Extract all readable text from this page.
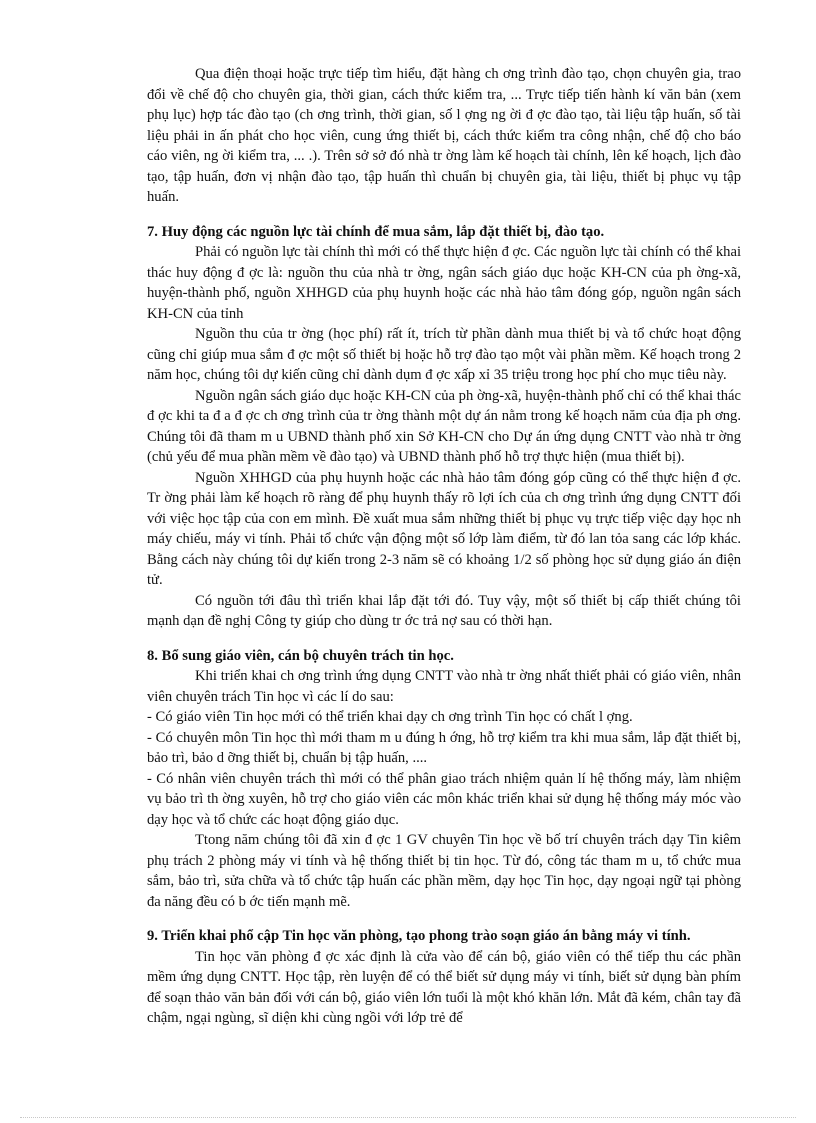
Qua điện thoại hoặc trực tiếp tìm hiểu, đặt hàng ch ơng trình đào tạo, chọn chuyên gia, trao đổi về chế độ cho chuyên gia, thời gian, cách thức kiểm tra, ... Trực tiếp tiến hành kí văn bản (xem phụ lục) hợp tác đào tạo (ch ơng trình, thời gian, số l ợng ng ời đ ợc đào tạo, tài liệu tập huấn, số tài liệu phải in ấn phát cho học viên, cung ứng thiết bị, cách thức kiểm tra công nhận, chế độ cho báo cáo viên, ng ời kiểm tra, ... .). Trên sở sở đó nhà tr ờng làm kế hoạch tài chính, lên kế hoạch, lịch đào tạo, tập huấn, đơn vị nhận đào tạo, tập huấn thì chuẩn bị chuyên gia, tài liệu, thiết bị phục vụ tập huấn.

7. Huy động các nguồn lực tài chính để mua sắm, lắp đặt thiết bị, đào tạo.

Phải có nguồn lực tài chính thì mới có thể thực hiện đ ợc. Các nguồn lực tài chính có thể khai thác huy động đ ợc là: nguồn thu của nhà tr ờng, ngân sách giáo dục hoặc KH-CN của ph ờng-xã, huyện-thành phố, nguồn XHHGD của phụ huynh hoặc các nhà hảo tâm đóng góp, nguồn ngân sách KH-CN của tỉnh

Nguồn thu của tr ờng (học phí) rất ít, trích từ phần dành mua thiết bị và tổ chức hoạt động cũng chỉ giúp mua sắm đ ợc một số thiết bị hoặc hỗ trợ đào tạo một vài phần mềm. Kế hoạch trong 2 năm học, chúng tôi dự kiến cũng chỉ dành dụm đ ợc xấp xỉ 35 triệu trong học phí cho mục tiêu này.

Nguồn ngân sách giáo dục hoặc KH-CN của ph ờng-xã, huyện-thành phố chỉ có thể khai thác đ ợc khi ta đ a đ ợc ch ơng trình của tr ờng thành một dự án nằm trong kế hoạch năm của địa ph ơng. Chúng tôi đã tham m u UBND thành phố xin Sở KH-CN cho Dự án ứng dụng CNTT vào nhà tr ờng (chủ yếu để mua phần mềm về đào tạo) và UBND thành phố hỗ trợ thực hiện (mua thiết bị).

Nguồn XHHGD của phụ huynh hoặc các nhà hảo tâm đóng góp cũng có thể thực hiện đ ợc. Tr ờng phải làm kế hoạch rõ ràng để phụ huynh thấy rõ lợi ích của ch ơng trình ứng dụng CNTT đối với việc học tập của con em mình. Đề xuất mua sắm những thiết bị phục vụ trực tiếp việc dạy học nh máy chiếu, máy vi tính. Phải tổ chức vận động một số lớp làm điểm, từ đó lan tỏa sang các lớp khác. Bằng cách này chúng tôi dự kiến trong 2-3 năm sẽ có khoảng 1/2 số phòng học sử dụng giáo án điện tử.

Có nguồn tới đâu thì triển khai lắp đặt tới đó. Tuy vậy, một số thiết bị cấp thiết chúng tôi mạnh dạn đề nghị Công ty giúp cho dùng tr ớc trả nợ sau có thời hạn.

8. Bổ sung giáo viên, cán bộ chuyên trách tin học.

Khi triển khai ch ơng trình ứng dụng CNTT vào nhà tr ờng nhất thiết phải có giáo viên, nhân viên chuyên trách Tin học vì các lí do sau:

- Có giáo viên Tin học mới có thể triển khai dạy ch ơng trình Tin học có chất l ợng.

- Có chuyên môn Tin học thì mới tham m u đúng h ớng, hỗ trợ kiểm tra khi mua sắm, lắp đặt thiết bị, bảo trì, bảo d ỡng thiết bị, chuẩn bị tập huấn, ....

- Có nhân viên chuyên trách thì mới có thể phân giao trách nhiệm quản lí hệ thống máy, làm nhiệm vụ bảo trì th ờng xuyên, hỗ trợ cho giáo viên các môn khác triển khai sử dụng hệ thống máy móc vào dạy học và tổ chức các hoạt động giáo dục.

Ttong năm chúng tôi đã xin đ ợc 1 GV chuyên Tin học về bố trí chuyên trách dạy Tin kiêm phụ trách 2 phòng máy vi tính và hệ thống thiết bị tin học. Từ đó, công tác tham m u, tổ chức mua sắm, bảo trì, sửa chữa và tổ chức tập huấn các phần mềm, dạy học Tin học, dạy ngoại ngữ tại phòng đa năng đều có b ớc tiến mạnh mẽ.

9. Triển khai phổ cập Tin học văn phòng, tạo phong trào soạn giáo án bằng máy vi tính.

Tin học văn phòng đ ợc xác định là cửa vào để cán bộ, giáo viên có thể tiếp thu các phần mềm ứng dụng CNTT. Học tập, rèn luyện để có thể biết sử dụng máy vi tính, biết sử dụng bàn phím để soạn thảo văn bản đối với cán bộ, giáo viên lớn tuổi là một khó khăn lớn. Mắt đã kém, chân tay đã chậm, ngại ngùng, sĩ diện khi cùng ngồi với lớp trẻ để
